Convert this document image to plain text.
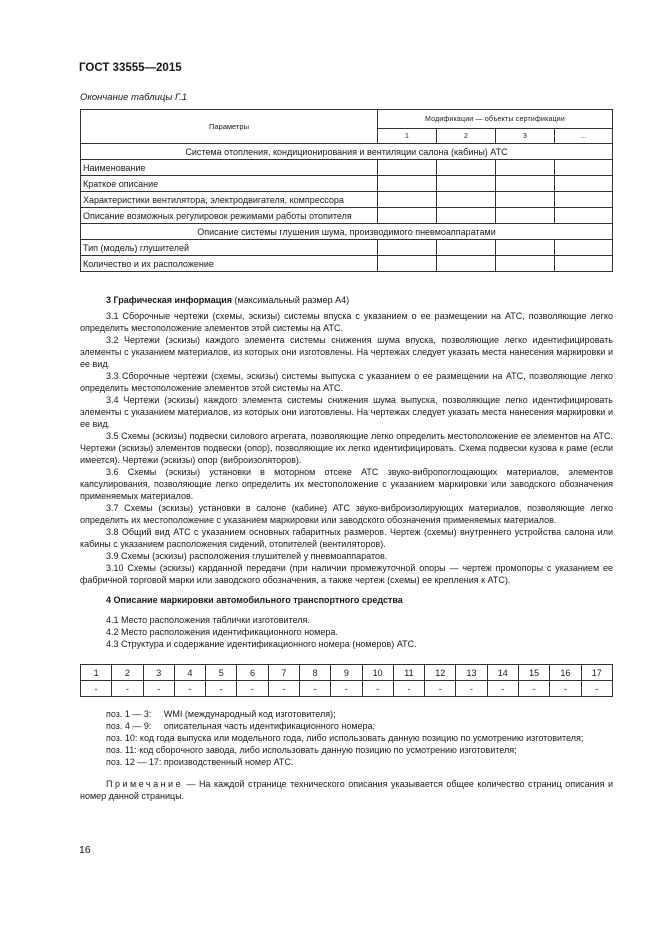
ГОСТ 33555—2015
Окончание таблицы Г.1
Параметры	Модификации — объекты сертификации			
	1	2	3	...
Система отопления, кондиционирования и вентиляции салона (кабины) АТС				
Наименование				
Краткое описание				
Характеристики вентилятора, электродвигателя, компрессора				
Описание возможных регулировок режимами работы отопителя				
Описание системы глушения шума, производимого пневмоаппаратами				
Тип (модель) глушителей				
Количество и их расположение				

3 Графическая информация (максимальный размер А4)

3.1 Сборочные чертежи (схемы, эскизы) системы впуска с указанием о ее размещении на АТС, позволяющие легко определить местоположение элементов этой системы на АТС.

3.2 Чертежи (эскизы) каждого элемента системы снижения шума впуска, позволяющие легко идентифицировать элементы с указанием материалов, из которых они изготовлены. На чертежах следует указать места нанесения маркировки и ее вид.

3.3 Сборочные чертежи (схемы, эскизы) системы выпуска с указанием о ее размещении на АТС, позволяющие легко определить местоположение элементов этой системы на АТС.

3.4 Чертежи (эскизы) каждого элемента системы снижения шума выпуска, позволяющие легко идентифицировать элементы с указанием материалов, из которых они изготовлены. На чертежах следует указать места нанесения маркировки и ее вид.

3.5 Схемы (эскизы) подвески силового агрегата, позволяющие легко определить местоположение ее элементов на АТС. Чертежи (эскизы) элементов подвески (опор), позволяющие их легко идентифицировать. Схема подвески кузова к раме (если имеется). Чертежи (эскизы) опор (виброизоляторов).

3.6 Схемы (эскизы) установки в моторном отсеке АТС звуко-вибропоглощающих материалов, элементов капсулирования, позволяющие легко определить их местоположение с указанием маркировки или заводского обозначения применяемых материалов.

3.7 Схемы (эскизы) установки в салоне (кабине) АТС звуко-виброизолирующих материалов, позволяющие легко определить их местоположение с указанием маркировки или заводского обозначения применяемых материалов.

3.8 Общий вид АТС с указанием основных габаритных размеров. Чертеж (схемы) внутреннего устройства салона или кабины с указанием расположения сидений, отопителей (вентиляторов).

3.9 Схемы (эскизы) расположения глушителей у пневмоаппаратов.

3.10 Схемы (эскизы) карданной передачи (при наличии промежуточной опоры — чертеж промопоры с указанием ее фабричной торговой марки или заводского обозначения, а также чертеж (схемы) ее крепления к АТС).

4 Описание маркировки автомобильного транспортного средства

4.1 Место расположения таблички изготовителя.

4.2 Место расположения идентификационного номера.

4.3 Структура и содержание идентификационного номера (номеров) АТС.

1	2	3	4	5	6	7	8	9	10	11	12	13	14	15	16	17
-	-	-	-	-	-	-	-	-	-	-	-	-	-	-	-	-

поз. 1 — 3:     WMI (международный код изготовителя);

поз. 4 — 9:     описательная часть идентификационного номера;

поз. 10: код года выпуска или модельного года, либо использовать данную позицию по усмотрению изготовителя;

поз. 11: код сборочного завода, либо использовать данную позицию по усмотрению изготовителя;

поз. 12 — 17: производственный номер АТС.

Примечание — На каждой странице технического описания указывается общее количество страниц описания и номер данной страницы.

16
